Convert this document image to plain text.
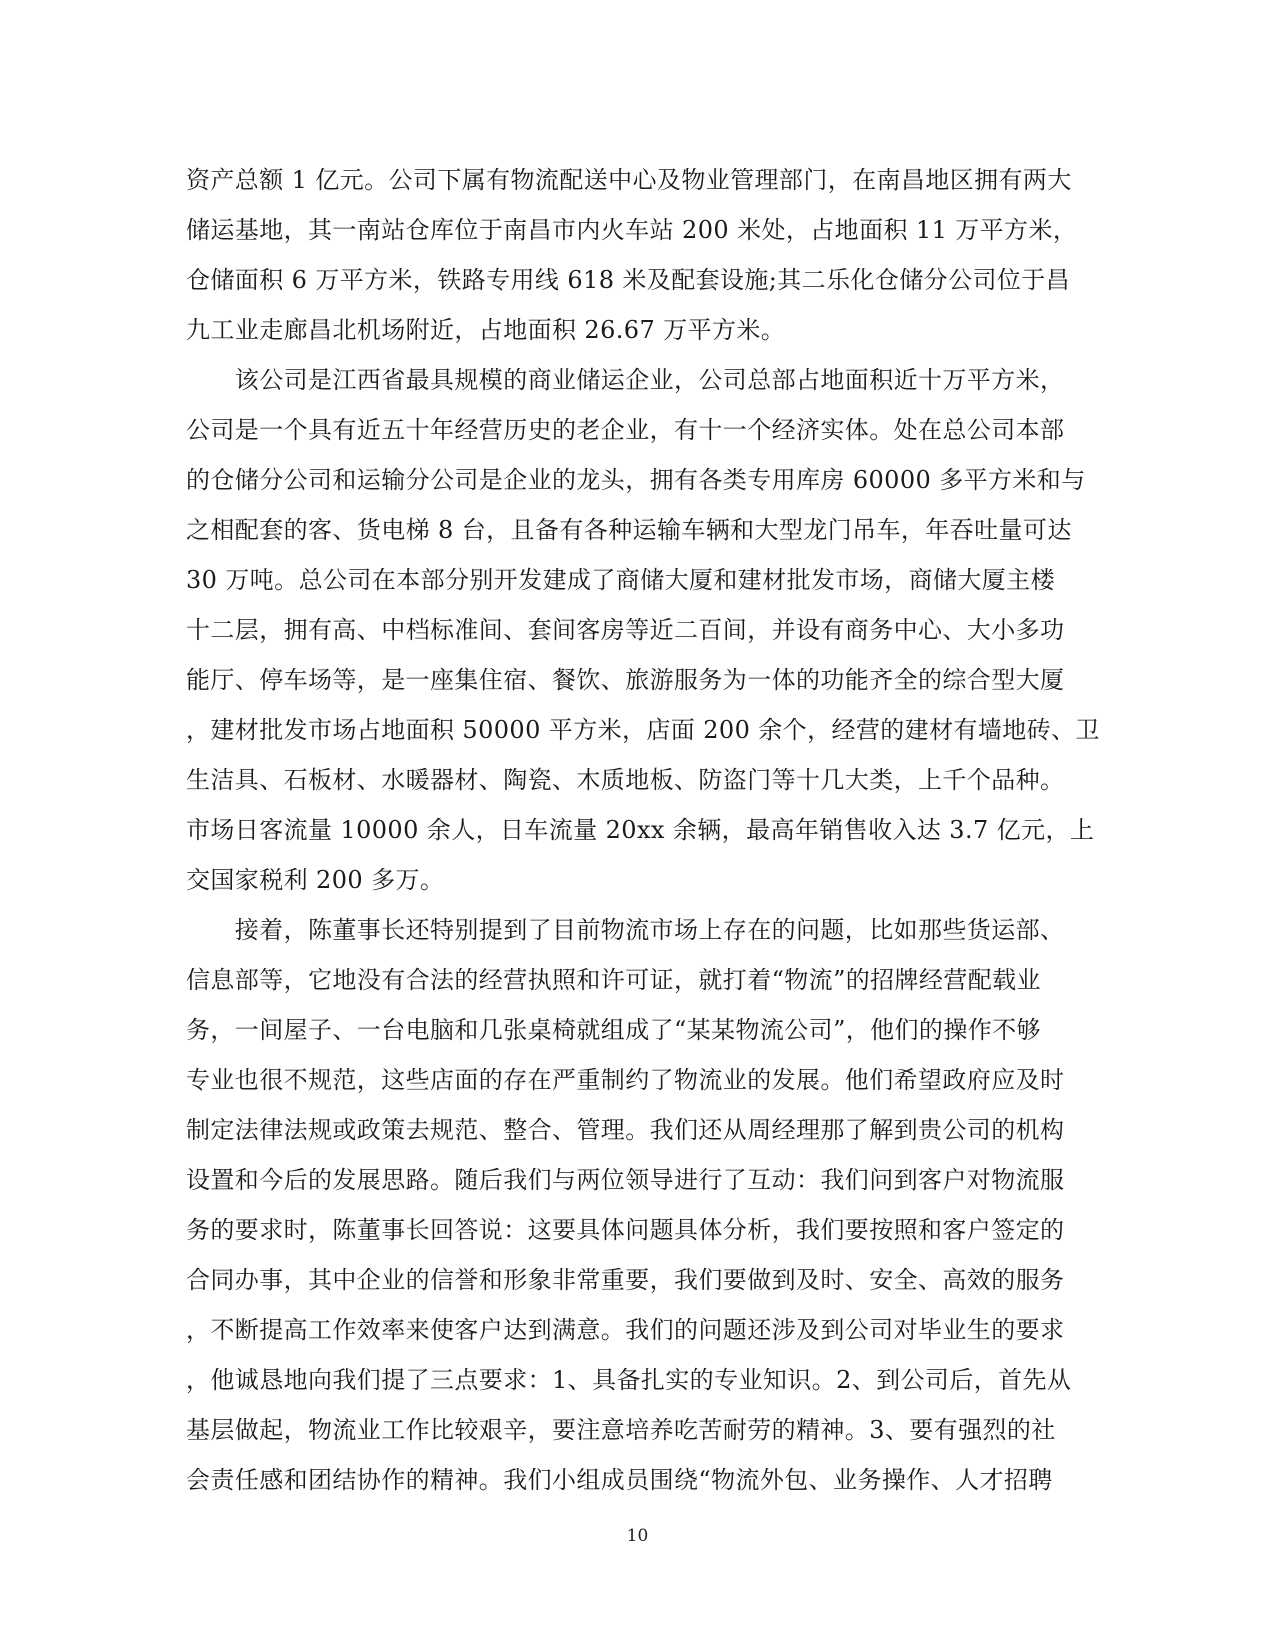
资产总额 1 亿元。公司下属有物流配送中心及物业管理部门，在南昌地区拥有两大
储运基地，其一南站仓库位于南昌市内火车站 200 米处，占地面积 11 万平方米，
仓储面积 6 万平方米，铁路专用线 618 米及配套设施;其二乐化仓储分公司位于昌
九工业走廊昌北机场附近，占地面积 26.67 万平方米。
　　该公司是江西省最具规模的商业储运企业，公司总部占地面积近十万平方米，
公司是一个具有近五十年经营历史的老企业，有十一个经济实体。处在总公司本部
的仓储分公司和运输分公司是企业的龙头，拥有各类专用库房 60000 多平方米和与
之相配套的客、货电梯 8 台，且备有各种运输车辆和大型龙门吊车，年吞吐量可达
30 万吨。总公司在本部分别开发建成了商储大厦和建材批发市场，商储大厦主楼
十二层，拥有高、中档标准间、套间客房等近二百间，并设有商务中心、大小多功
能厅、停车场等，是一座集住宿、餐饮、旅游服务为一体的功能齐全的综合型大厦
，建材批发市场占地面积 50000 平方米，店面 200 余个，经营的建材有墙地砖、卫
生洁具、石板材、水暖器材、陶瓷、木质地板、防盗门等十几大类，上千个品种。
市场日客流量 10000 余人，日车流量 20xx 余辆，最高年销售收入达 3.7 亿元，上
交国家税利 200 多万。
　　接着，陈董事长还特别提到了目前物流市场上存在的问题，比如那些货运部、
信息部等，它地没有合法的经营执照和许可证，就打着“物流”的招牌经营配载业
务，一间屋子、一台电脑和几张桌椅就组成了“某某物流公司”，他们的操作不够
专业也很不规范，这些店面的存在严重制约了物流业的发展。他们希望政府应及时
制定法律法规或政策去规范、整合、管理。我们还从周经理那了解到贵公司的机构
设置和今后的发展思路。随后我们与两位领导进行了互动：我们问到客户对物流服
务的要求时，陈董事长回答说：这要具体问题具体分析，我们要按照和客户签定的
合同办事，其中企业的信誉和形象非常重要，我们要做到及时、安全、高效的服务
，不断提高工作效率来使客户达到满意。我们的问题还涉及到公司对毕业生的要求
，他诚恳地向我们提了三点要求：1、具备扎实的专业知识。2、到公司后，首先从
基层做起，物流业工作比较艰辛，要注意培养吃苦耐劳的精神。3、要有强烈的社
会责任感和团结协作的精神。我们小组成员围绕“物流外包、业务操作、人才招聘
10
